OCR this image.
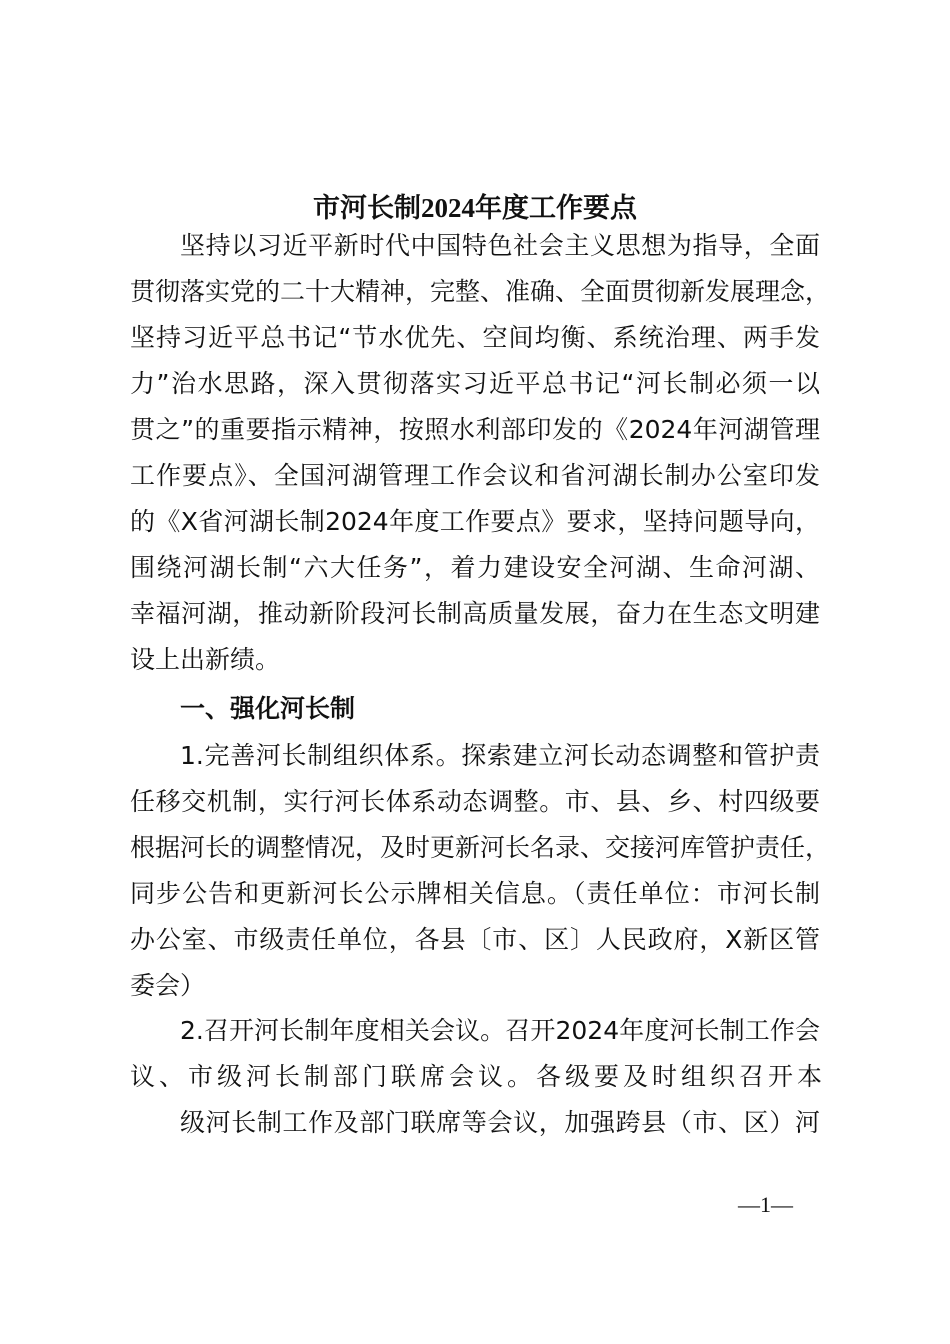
市河长制2024年度工作要点
坚持以习近平新时代中国特色社会主义思想为指导，全面
贯彻落实党的二十大精神，完整、准确、全面贯彻新发展理念，
坚持习近平总书记“节水优先、空间均衡、系统治理、两手发
力”治水思路，深入贯彻落实习近平总书记“河长制必须一以
贯之”的重要指示精神，按照水利部印发的《2024年河湖管理
工作要点》、全国河湖管理工作会议和省河湖长制办公室印发
的《X省河湖长制2024年度工作要点》要求，坚持问题导向，
围绕河湖长制“六大任务”，着力建设安全河湖、生命河湖、
幸福河湖，推动新阶段河长制高质量发展，奋力在生态文明建
设上出新绩。
一、强化河长制
1.完善河长制组织体系。探索建立河长动态调整和管护责
任移交机制，实行河长体系动态调整。市、县、乡、村四级要
根据河长的调整情况，及时更新河长名录、交接河库管护责任，
同步公告和更新河长公示牌相关信息。（责任单位：市河长制
办公室、市级责任单位，各县〔市、区〕人民政府，X新区管
委会）
2.召开河长制年度相关会议。召开2024年度河长制工作会
议、市级河长制部门联席会议。各级要及时组织召开本
级河长制工作及部门联席等会议，加强跨县（市、区）河
—1—
